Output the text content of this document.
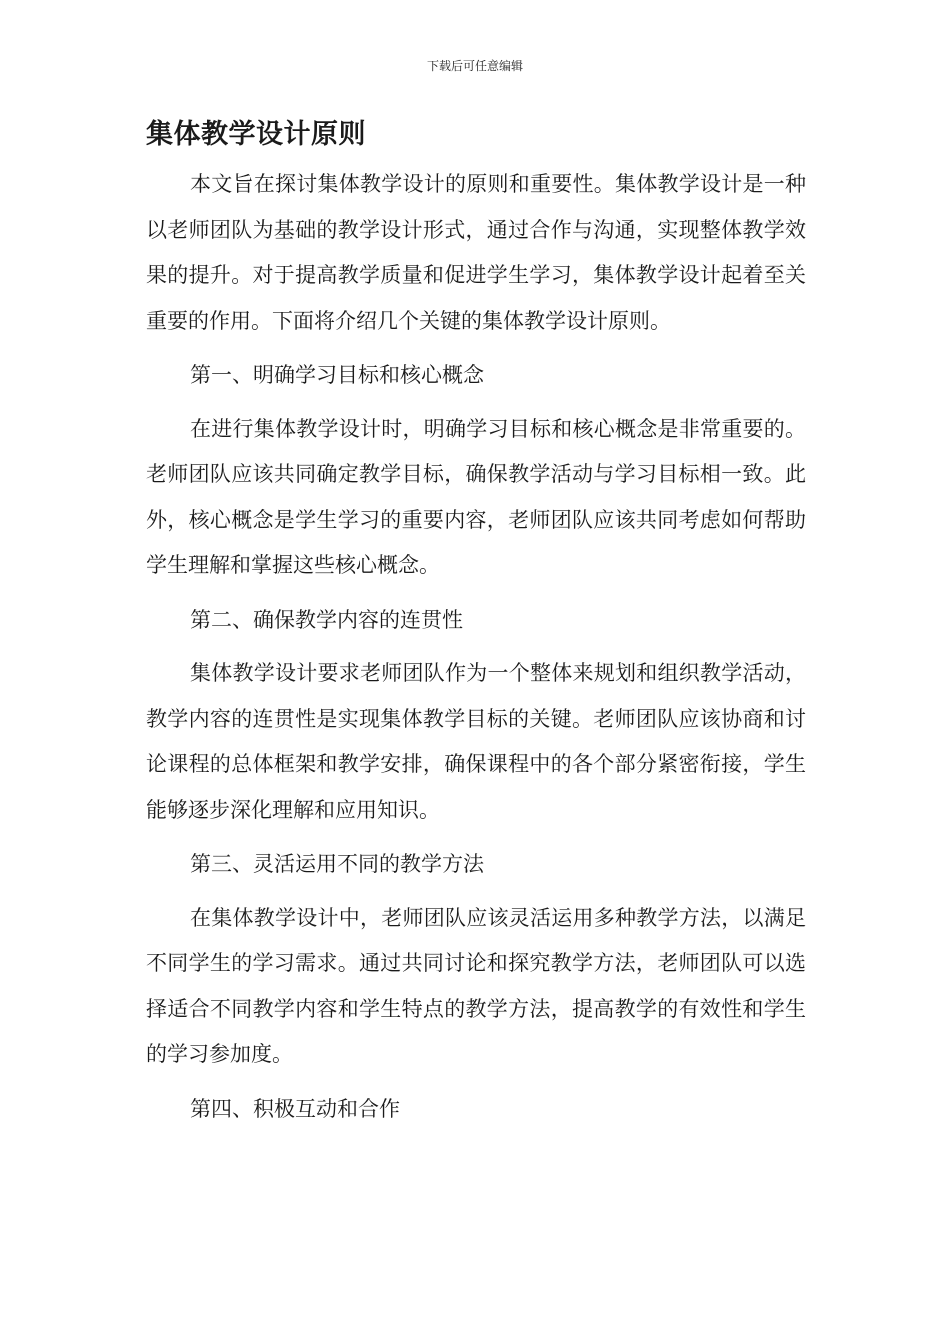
下载后可任意编辑
集体教学设计原则

本文旨在探讨集体教学设计的原则和重要性。集体教学设计是一种以老师团队为基础的教学设计形式，通过合作与沟通，实现整体教学效果的提升。对于提高教学质量和促进学生学习，集体教学设计起着至关重要的作用。下面将介绍几个关键的集体教学设计原则。

第一、明确学习目标和核心概念

在进行集体教学设计时，明确学习目标和核心概念是非常重要的。老师团队应该共同确定教学目标，确保教学活动与学习目标相一致。此外，核心概念是学生学习的重要内容，老师团队应该共同考虑如何帮助学生理解和掌握这些核心概念。

第二、确保教学内容的连贯性

集体教学设计要求老师团队作为一个整体来规划和组织教学活动，教学内容的连贯性是实现集体教学目标的关键。老师团队应该协商和讨论课程的总体框架和教学安排，确保课程中的各个部分紧密衔接，学生能够逐步深化理解和应用知识。

第三、灵活运用不同的教学方法

在集体教学设计中，老师团队应该灵活运用多种教学方法，以满足不同学生的学习需求。通过共同讨论和探究教学方法，老师团队可以选择适合不同教学内容和学生特点的教学方法，提高教学的有效性和学生的学习参加度。

第四、积极互动和合作
